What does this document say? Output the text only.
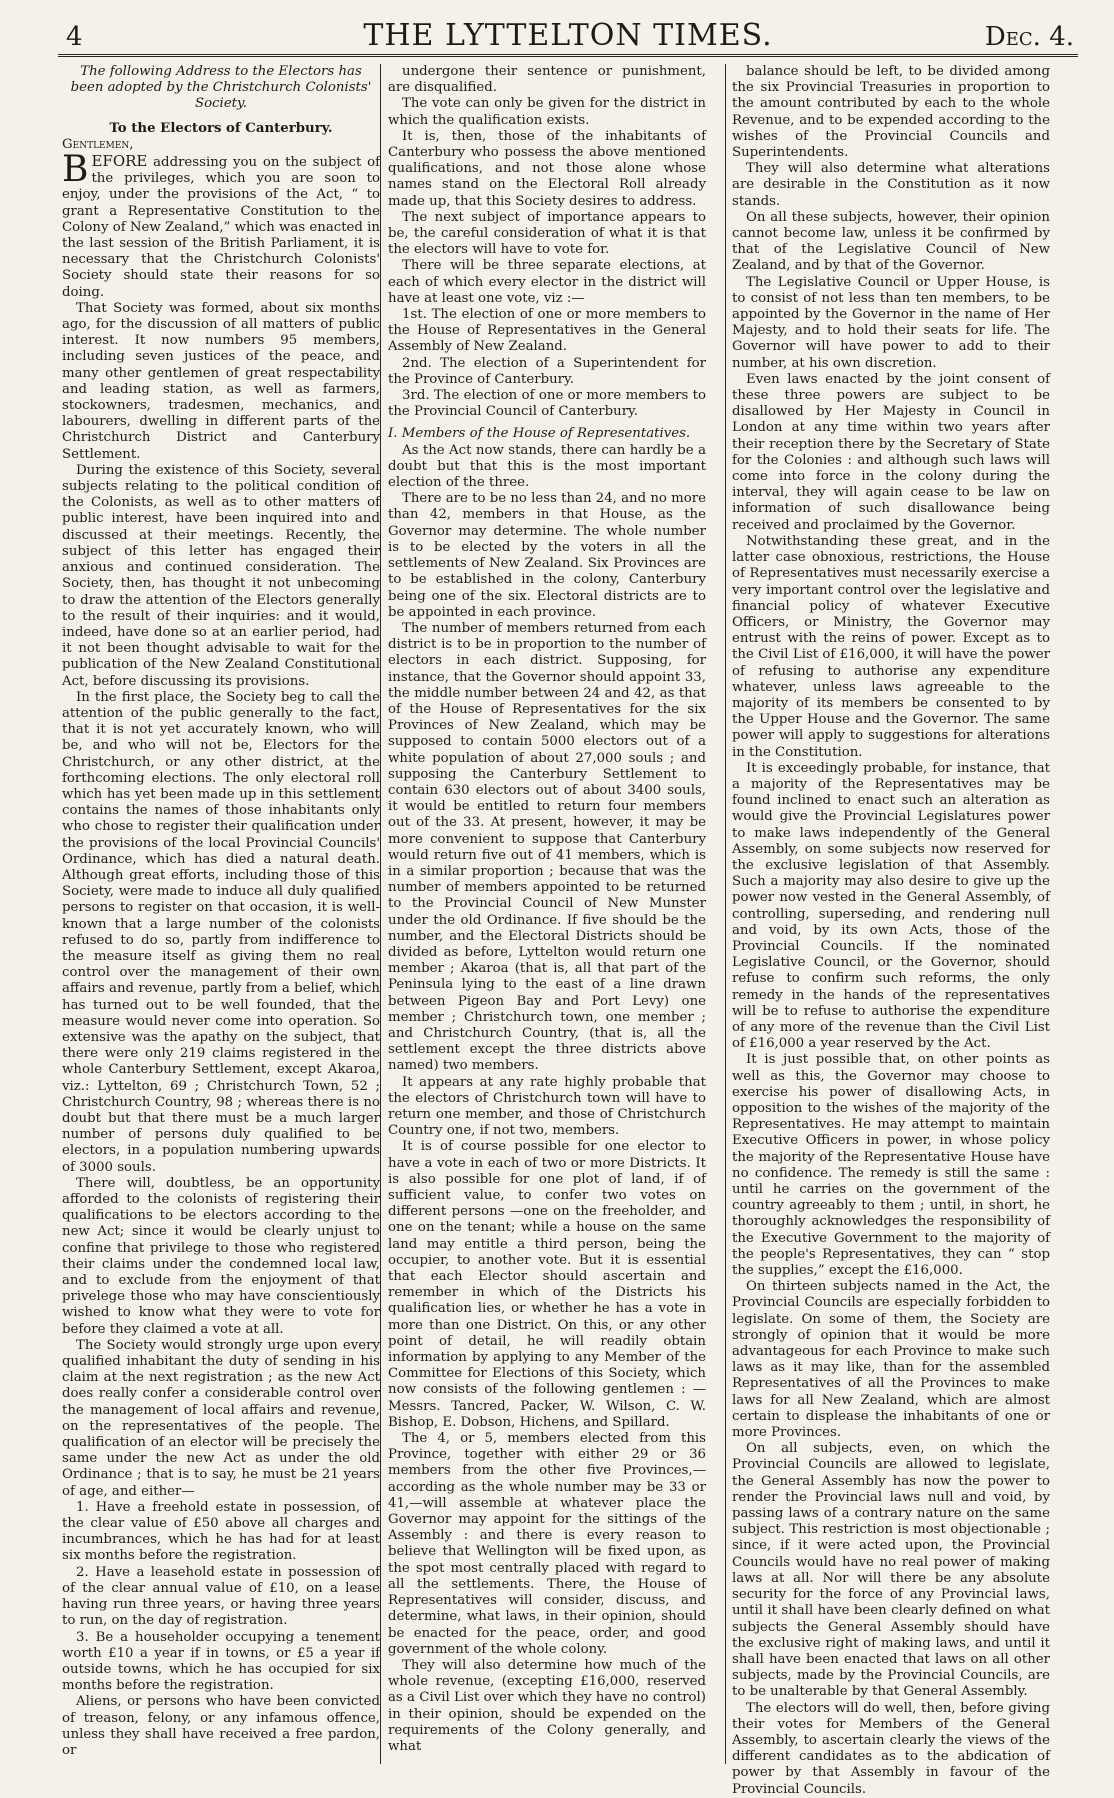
4	THE LYTTELTON TIMES.	Dec. 4.

The following Address to the Electors has been adopted by the Christchurch Colonists' Society.

To the Electors of Canterbury.

Gentlemen,

BEFORE addressing you on the subject of the privileges, which you are soon to enjoy, under the provisions of the Act, “ to grant a Representative Constitution to the Colony of New Zealand,” which was enacted in the last session of the British Parliament, it is necessary that the Christchurch Colonists' Society should state their reasons for so doing.

That Society was formed, about six months ago, for the discussion of all matters of public interest. It now numbers 95 members, including seven justices of the peace, and many other gentlemen of great respectability and leading station, as well as farmers, stockowners, tradesmen, mechanics, and labourers, dwelling in different parts of the Christchurch District and Canterbury Settlement.

During the existence of this Society, several subjects relating to the political condition of the Colonists, as well as to other matters of public interest, have been inquired into and discussed at their meetings. Recently, the subject of this letter has engaged their anxious and continued consideration. The Society, then, has thought it not unbecoming to draw the attention of the Electors generally to the result of their inquiries: and it would, indeed, have done so at an earlier period, had it not been thought advisable to wait for the publication of the New Zealand Constitutional Act, before discussing its provisions.

In the first place, the Society beg to call the attention of the public generally to the fact, that it is not yet accurately known, who will be, and who will not be, Electors for the Christchurch, or any other district, at the forthcoming elections. The only electoral roll which has yet been made up in this settlement contains the names of those inhabitants only who chose to register their qualification under the provisions of the local Provincial Councils' Ordinance, which has died a natural death. Although great efforts, including those of this Society, were made to induce all duly qualified persons to register on that occasion, it is well-known that a large number of the colonists refused to do so, partly from indifference to the measure itself as giving them no real control over the management of their own affairs and revenue, partly from a belief, which has turned out to be well founded, that the measure would never come into operation. So extensive was the apathy on the subject, that there were only 219 claims registered in the whole Canterbury Settlement, except Akaroa, viz.: Lyttelton, 69 ; Christchurch Town, 52 ; Christchurch Country, 98 ; whereas there is no doubt but that there must be a much larger number of persons duly qualified to be electors, in a population numbering upwards of 3000 souls.

There will, doubtless, be an opportunity afforded to the colonists of registering their qualifications to be electors according to the new Act; since it would be clearly unjust to confine that privilege to those who registered their claims under the condemned local law, and to exclude from the enjoyment of that privelege those who may have conscientiously wished to know what they were to vote for before they claimed a vote at all.

The Society would strongly urge upon every qualified inhabitant the duty of sending in his claim at the next registration ; as the new Act does really confer a considerable control over the management of local affairs and revenue, on the representatives of the people. The qualification of an elector will be precisely the same under the new Act as under the old Ordinance ; that is to say, he must be 21 years of age, and either—

1. Have a freehold estate in possession, of the clear value of £50 above all charges and incumbrances, which he has had for at least six months before the registration.

2. Have a leasehold estate in possession of of the clear annual value of £10, on a lease having run three years, or having three years to run, on the day of registration.

3. Be a householder occupying a tenement worth £10 a year if in towns, or £5 a year if outside towns, which he has occupied for six months before the registration.

Aliens, or persons who have been convicted of treason, felony, or any infamous offence, unless they shall have received a free pardon, or

undergone their sentence or punishment, are disqualified.

The vote can only be given for the district in which the qualification exists.

It is, then, those of the inhabitants of Canterbury who possess the above mentioned qualifications, and not those alone whose names stand on the Electoral Roll already made up, that this Society desires to address.

The next subject of importance appears to be, the careful consideration of what it is that the electors will have to vote for.

There will be three separate elections, at each of which every elector in the district will have at least one vote, viz :—

1st. The election of one or more members to the House of Representatives in the General Assembly of New Zealand.

2nd. The election of a Superintendent for the Province of Canterbury.

3rd. The election of one or more members to the Provincial Council of Canterbury.

I. Members of the House of Representatives.

As the Act now stands, there can hardly be a doubt but that this is the most important election of the three.

There are to be no less than 24, and no more than 42, members in that House, as the Governor may determine. The whole number is to be elected by the voters in all the settlements of New Zealand. Six Provinces are to be established in the colony, Canterbury being one of the six. Electoral districts are to be appointed in each province.

The number of members returned from each district is to be in proportion to the number of electors in each district. Supposing, for instance, that the Governor should appoint 33, the middle number between 24 and 42, as that of the House of Representatives for the six Provinces of New Zealand, which may be supposed to contain 5000 electors out of a white population of about 27,000 souls ; and supposing the Canterbury Settlement to contain 630 electors out of about 3400 souls, it would be entitled to return four members out of the 33. At present, however, it may be more convenient to suppose that Canterbury would return five out of 41 members, which is in a similar proportion ; because that was the number of members appointed to be returned to the Provincial Council of New Munster under the old Ordinance. If five should be the number, and the Electoral Districts should be divided as before, Lyttelton would return one member ; Akaroa (that is, all that part of the Peninsula lying to the east of a line drawn between Pigeon Bay and Port Levy) one member ; Christchurch town, one member ; and Christchurch Country, (that is, all the settlement except the three districts above named) two members.

It appears at any rate highly probable that the electors of Christchurch town will have to return one member, and those of Christchurch Country one, if not two, members.

It is of course possible for one elector to have a vote in each of two or more Districts. It is also possible for one plot of land, if of sufficient value, to confer two votes on different persons —one on the freeholder, and one on the tenant; while a house on the same land may entitle a third person, being the occupier, to another vote. But it is essential that each Elector should ascertain and remember in which of the Districts his qualification lies, or whether he has a vote in more than one District. On this, or any other point of detail, he will readily obtain information by applying to any Member of the Committee for Elections of this Society, which now consists of the following gentlemen : —Messrs. Tancred, Packer, W. Wilson, C. W. Bishop, E. Dobson, Hichens, and Spillard.

The 4, or 5, members elected from this Province, together with either 29 or 36 members from the other five Provinces,—according as the whole number may be 33 or 41,—will assemble at whatever place the Governor may appoint for the sittings of the Assembly : and there is every reason to believe that Wellington will be fixed upon, as the spot most centrally placed with regard to all the settlements. There, the House of Representatives will consider, discuss, and determine, what laws, in their opinion, should be enacted for the peace, order, and good government of the whole colony.

They will also determine how much of the whole revenue, (excepting £16,000, reserved as a Civil List over which they have no control) in their opinion, should be expended on the requirements of the Colony generally, and what

balance should be left, to be divided among the six Provincial Treasuries in proportion to the amount contributed by each to the whole Revenue, and to be expended according to the wishes of the Provincial Councils and Superintendents.

They will also determine what alterations are desirable in the Constitution as it now stands.

On all these subjects, however, their opinion cannot become law, unless it be confirmed by that of the Legislative Council of New Zealand, and by that of the Governor.

The Legislative Council or Upper House, is to consist of not less than ten members, to be appointed by the Governor in the name of Her Majesty, and to hold their seats for life. The Governor will have power to add to their number, at his own discretion.

Even laws enacted by the joint consent of these three powers are subject to be disallowed by Her Majesty in Council in London at any time within two years after their reception there by the Secretary of State for the Colonies : and although such laws will come into force in the colony during the interval, they will again cease to be law on information of such disallowance being received and proclaimed by the Governor.

Notwithstanding these great, and in the latter case obnoxious, restrictions, the House of Representatives must necessarily exercise a very important control over the legislative and financial policy of whatever Executive Officers, or Ministry, the Governor may entrust with the reins of power. Except as to the Civil List of £16,000, it will have the power of refusing to authorise any expenditure whatever, unless laws agreeable to the majority of its members be consented to by the Upper House and the Governor. The same power will apply to suggestions for alterations in the Constitution.

It is exceedingly probable, for instance, that a majority of the Representatives may be found inclined to enact such an alteration as would give the Provincial Legislatures power to make laws independently of the General Assembly, on some subjects now reserved for the exclusive legislation of that Assembly. Such a majority may also desire to give up the power now vested in the General Assembly, of controlling, superseding, and rendering null and void, by its own Acts, those of the Provincial Councils. If the nominated Legislative Council, or the Governor, should refuse to confirm such reforms, the only remedy in the hands of the representatives will be to refuse to authorise the expenditure of any more of the revenue than the Civil List of £16,000 a year reserved by the Act.

It is just possible that, on other points as well as this, the Governor may choose to exercise his power of disallowing Acts, in opposition to the wishes of the majority of the Representatives. He may attempt to maintain Executive Officers in power, in whose policy the majority of the Representative House have no confidence. The remedy is still the same : until he carries on the government of the country agreeably to them ; until, in short, he thoroughly acknowledges the responsibility of the Executive Government to the majority of the people's Representatives, they can “ stop the supplies,” except the £16,000.

On thirteen subjects named in the Act, the Provincial Councils are especially forbidden to legislate. On some of them, the Society are strongly of opinion that it would be more advantageous for each Province to make such laws as it may like, than for the assembled Representatives of all the Provinces to make laws for all New Zealand, which are almost certain to displease the inhabitants of one or more Provinces.

On all subjects, even, on which the Provincial Councils are allowed to legislate, the General Assembly has now the power to render the Provincial laws null and void, by passing laws of a contrary nature on the same subject. This restriction is most objectionable ; since, if it were acted upon, the Provincial Councils would have no real power of making laws at all. Nor will there be any absolute security for the force of any Provincial laws, until it shall have been clearly defined on what subjects the General Assembly should have the exclusive right of making laws, and until it shall have been enacted that laws on all other subjects, made by the Provincial Councils, are to be unalterable by that General Assembly.

The electors will do well, then, before giving their votes for Members of the General Assembly, to ascertain clearly the views of the different candidates as to the abdication of power by that Assembly in favour of the Provincial Councils.
